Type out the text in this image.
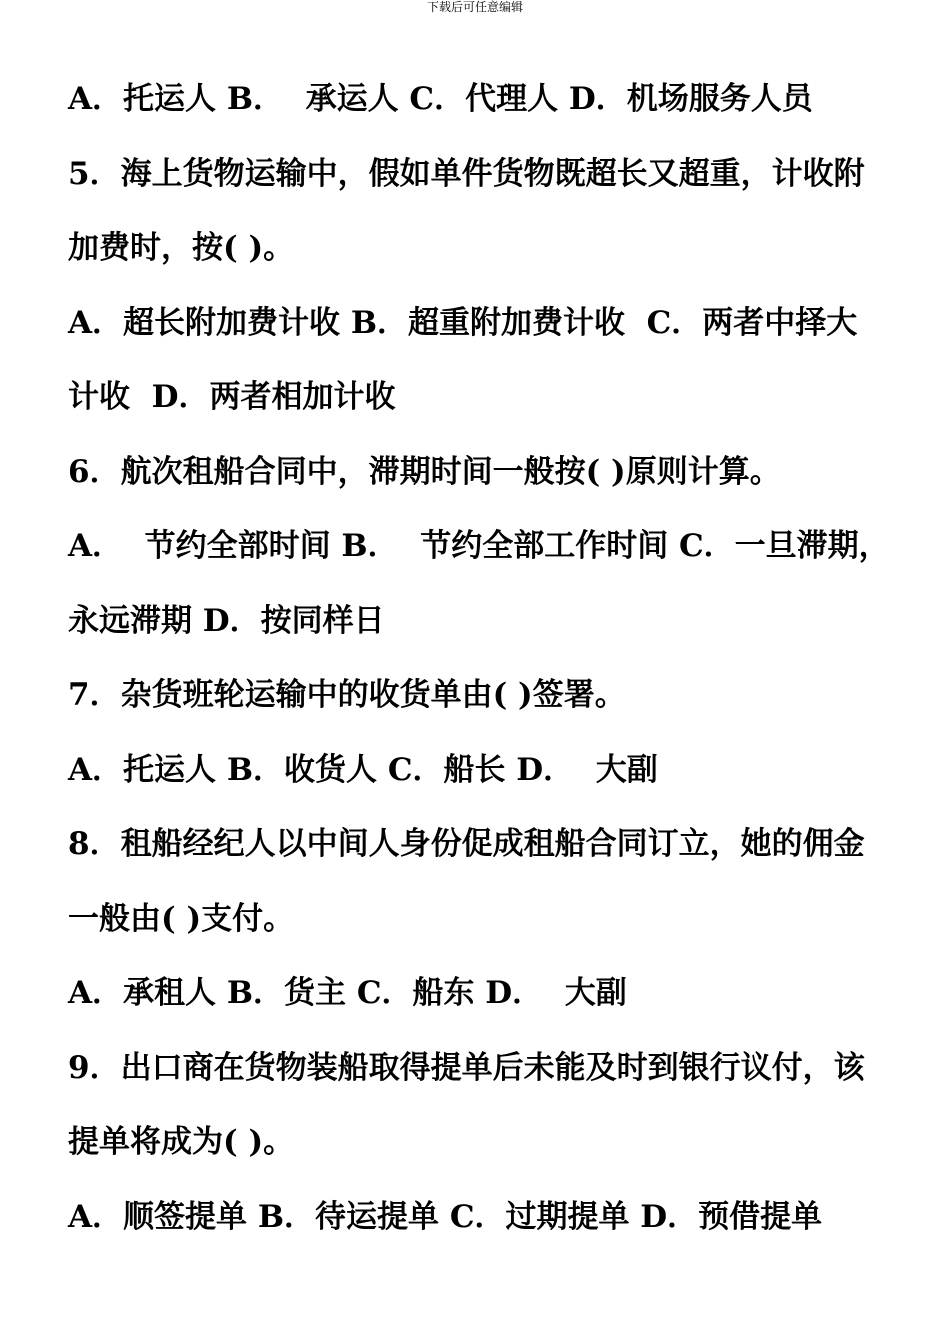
下载后可任意编辑
A．托运人 B．  承运人 C．代理人 D．机场服务人员
5．海上货物运输中，假如单件货物既超长又超重，计收附
加费时，按( )。
A．超长附加费计收 B．超重附加费计收  C．两者中择大
计收  D．两者相加计收
6．航次租船合同中，滞期时间一般按( )原则计算。
A．  节约全部时间 B．  节约全部工作时间 C．一旦滞期，
永远滞期 D．按同样日
7．杂货班轮运输中的收货单由( )签署。
A．托运人 B．收货人 C．船长 D．  大副
8．租船经纪人以中间人身份促成租船合同订立，她的佣金
一般由( )支付。
A．承租人 B．货主 C．船东 D．  大副
9．出口商在货物装船取得提单后未能及时到银行议付，该
提单将成为( )。
A．顺签提单 B．待运提单 C．过期提单 D．预借提单
